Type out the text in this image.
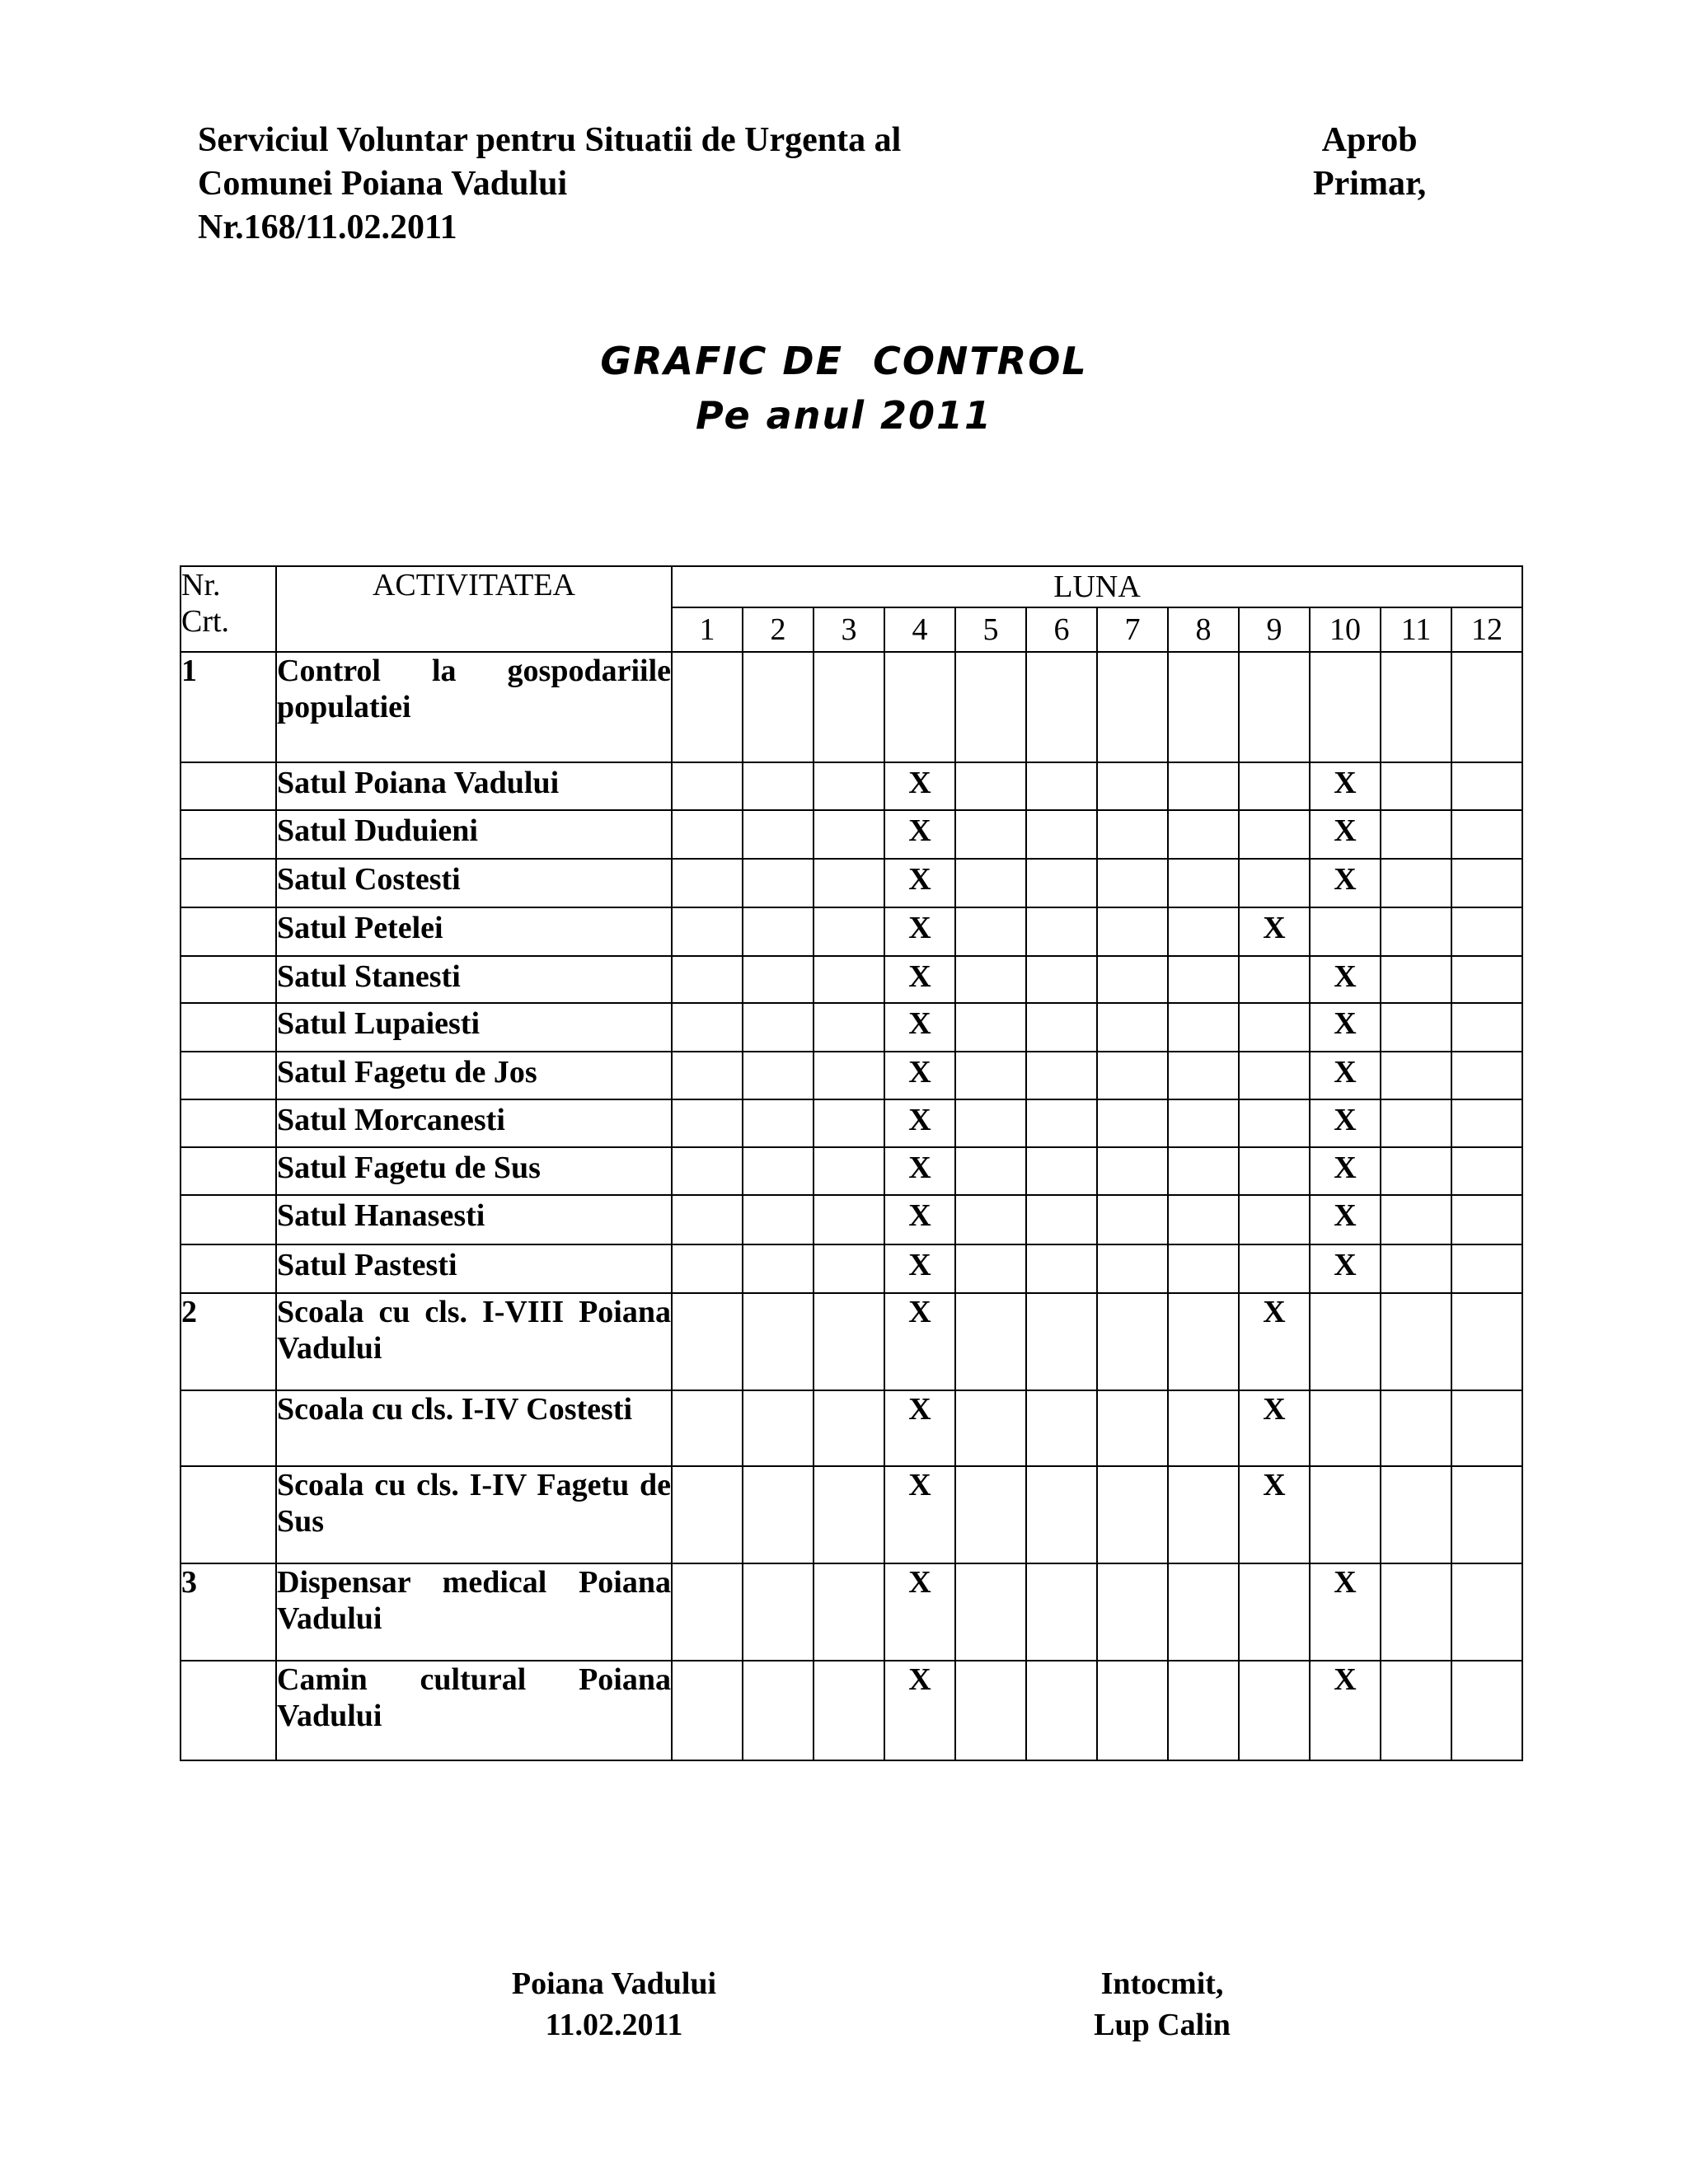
Serviciul Voluntar pentru Situatii de Urgenta al
Comunei Poiana Vadului
Nr.168/11.02.2011
Aprob
Primar,
GRAFIC DE  CONTROL
Pe anul 2011
Nr.
Crt.	ACTIVITATEA	LUNA											
		1	2	3	4	5	6	7	8	9	10	11	12
1	Control la gospodariile populatiei												
	Satul Poiana Vadului				X						X		
	Satul Duduieni				X						X		
	Satul Costesti				X						X		
	Satul Petelei				X					X			
	Satul Stanesti				X						X		
	Satul Lupaiesti				X						X		
	Satul Fagetu de Jos				X						X		
	Satul Morcanesti				X						X		
	Satul Fagetu de Sus				X						X		
	Satul Hanasesti				X						X		
	Satul Pastesti				X						X		
2	Scoala cu cls. I-VIII Poiana Vadului				X					X			
	Scoala cu cls. I-IV Costesti				X					X			
	Scoala cu cls. I-IV Fagetu de Sus				X					X			
3	Dispensar medical Poiana Vadului				X						X		
	Camin cultural Poiana Vadului				X						X		
Poiana Vadului
11.02.2011
Intocmit,
Lup Calin
